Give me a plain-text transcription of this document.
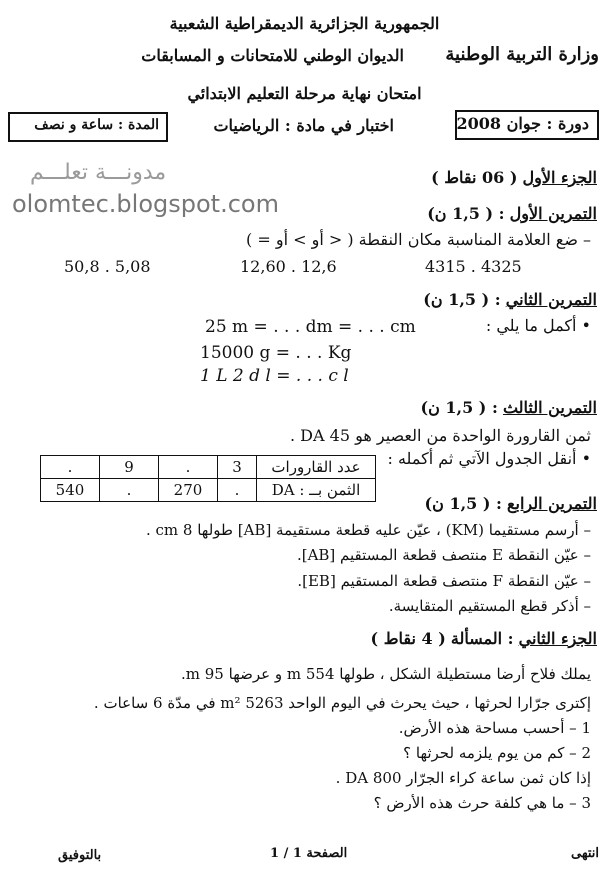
الجمهورية الجزائرية الديمقراطية الشعبية
وزارة التربية الوطنية
الديوان الوطني للامتحانات و المسابقات
امتحان نهاية مرحلة التعليم الابتدائي
دورة : جوان 2008
اختبار في مادة : الرياضيات
المدة : ساعة و نصف
مدونـــة تعلـــم
olomtec.blogspot.com
الجزء الأول ( 06 نقاط )
التمرين الأول : ( 1,5 ن)
– ضع العلامة المناسبة مكان النقطة ( < أو > أو = )
4315 . 4325
12,60 . 12,6
50,8 . 5,08
التمرين الثاني : ( 1,5 ن)
• أكمل ما يلي :
25 m = . . . dm = . . . cm
15000 g = . . . Kg
1 L 2 d l = . . . c l
التمرين الثالث : ( 1,5 ن)
ثمن القارورة الواحدة من العصير هو 45 DA .
• أنقل الجدول الآتي ثم أكمله :
.	9	.	3	عدد القارورات
540	.	270	.	الثمن بــ : DA
التمرين الرابع : ( 1,5 ن)
– أرسم مستقيما (KM) ، عيّن عليه قطعة مستقيمة [AB] طولها 8 cm .
– عيّن النقطة E منتصف قطعة المستقيم [AB].
– عيّن النقطة F منتصف قطعة المستقيم [EB].
– أذكر قطع المستقيم المتقايسة.
الجزء الثاني : المسألة ( 4 نقاط )
يملك فلاح أرضا مستطيلة الشكل ، طولها 554 m و عرضها 95 m.
إكترى جرّارا لحرثها ، حيث يحرث في اليوم الواحد 5263 m² في مدّة 6 ساعات .
1 – أحسب مساحة هذه الأرض.
2 – كم من يوم يلزمه لحرثها ؟
إذا كان ثمن ساعة كراء الجرّار 800 DA .
3 – ما هي كلفة حرث هذه الأرض ؟
انتهى
الصفحة 1 / 1
بالتوفيق
